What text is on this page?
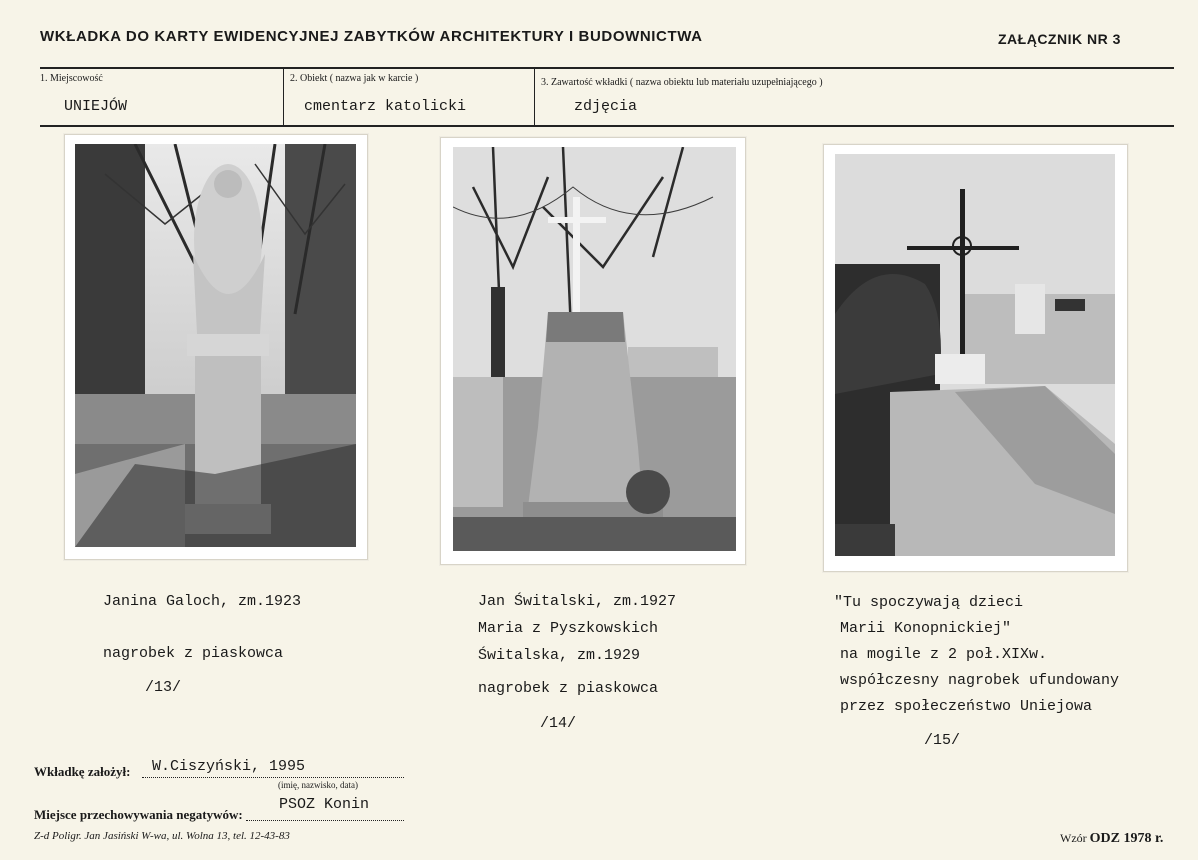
WKŁADKA DO KARTY EWIDENCYJNEJ ZABYTKÓW ARCHITEKTURY I BUDOWNICTWA	ZAŁĄCZNIK NR 3
1. Miejscowość
UNIEJÓW
2. Obiekt ( nazwa jak w karcie )
cmentarz katolicki
3. Zawartość wkładki ( nazwa obiektu lub materiału uzupełniającego )
zdjęcia

Janina Galoch, zm.1923

nagrobek z piaskowca

/13/

Jan Świtalski, zm.1927

Maria z Pyszkowskich

Świtalska, zm.1929

nagrobek z piaskowca

/14/

"Tu spoczywają dzieci

Marii Konopnickiej"

na mogile z 2 poł.XIXw.

współczesny nagrobek ufundowany

przez społeczeństwo Uniejowa

/15/

Wkładkę założył: W.Ciszyński, 1995
(imię, nazwisko, data)
Miejsce przechowywania negatywów:
PSOZ Konin
Z-d Poligr. Jan Jasiński W-wa, ul. Wolna 13, tel. 12-43-83	Wzór ODZ 1978 r.
